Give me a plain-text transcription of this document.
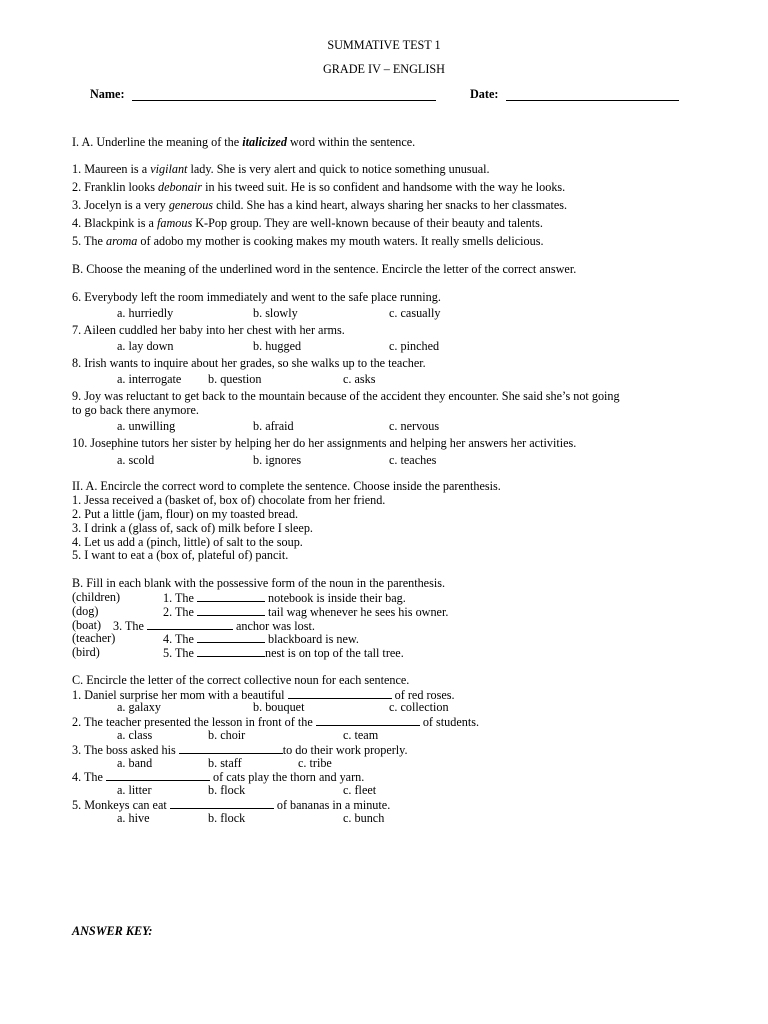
SUMMATIVE TEST 1
GRADE IV – ENGLISH
Name:	Date:
I. A. Underline the meaning of the italicized word within the sentence.
1. Maureen is a vigilant lady. She is very alert and quick to notice something unusual.
2. Franklin looks debonair in his tweed suit. He is so confident and handsome with the way he looks.
3. Jocelyn is a very generous child. She has a kind heart, always sharing her snacks to her classmates.
4. Blackpink is a famous K-Pop group. They are well-known because of their beauty and talents.
5. The aroma of adobo my mother is cooking makes my mouth waters. It really smells delicious.
B. Choose the meaning of the underlined word in the sentence. Encircle the letter of the correct answer.
6. Everybody left the room immediately and went to the safe place running.
a. hurriedly	b. slowly	c. casually
7. Aileen cuddled her baby into her chest with her arms.
a. lay down	b. hugged	c. pinched
8. Irish wants to inquire about her grades, so she walks up to the teacher.
a. interrogate b. question	c. asks
9. Joy was reluctant to get back to the mountain because of the accident they encounter. She said she’s not going
to go back there anymore.
a. unwilling	b. afraid	c. nervous
10. Josephine tutors her sister by helping her do her assignments and helping her answers her activities.
a. scold	b. ignores	c. teaches
II. A. Encircle the correct word to complete the sentence. Choose inside the parenthesis.
1. Jessa received a (basket of, box of) chocolate from her friend.
2. Put a little (jam, flour) on my toasted bread.
3. I drink a (glass of, sack of) milk before I sleep.
4. Let us add a (pinch, little) of salt to the soup.
5. I want to eat a (box of, plateful of) pancit.
B. Fill in each blank with the possessive form of the noun in the parenthesis.
(children)	1. The	notebook is inside their bag.
(dog)	2. The	tail wag whenever he sees his owner.
(boat) 3. The	anchor was lost.
(teacher)	4. The	blackboard is new.
(bird)	5. The	nest is on top of the tall tree.
C. Encircle the letter of the correct collective noun for each sentence.
1. Daniel surprise her mom with a beautiful	of red roses.
a. galaxy	b. bouquet	c. collection
2. The teacher presented the lesson in front of the	of students.
a. class	b. choir	c. team
3. The boss asked his	to do their work properly.
a. band	b. staff	c. tribe
4. The	of cats play the thorn and yarn.
a. litter	b. flock	c. fleet
5. Monkeys can eat	of bananas in a minute.
a. hive	b. flock	c. bunch
ANSWER KEY:
